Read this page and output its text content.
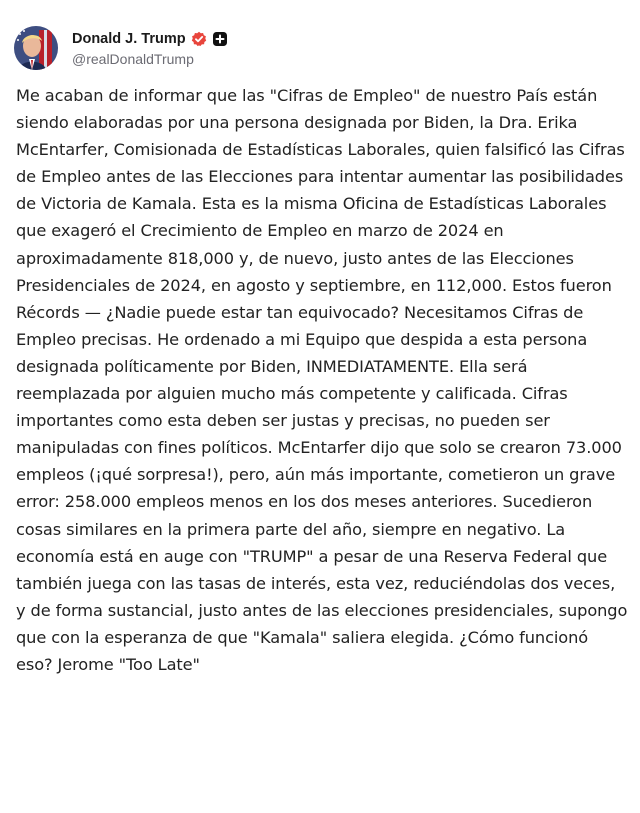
Donald J. Trump
@realDonaldTrump

Me acaban de informar que las "Cifras de Empleo" de nuestro País están siendo elaboradas por una persona designada por Biden, la Dra. Erika McEntarfer, Comisionada de Estadísticas Laborales, quien falsificó las Cifras de Empleo antes de las Elecciones para intentar aumentar las posibilidades de Victoria de Kamala. Esta es la misma Oficina de Estadísticas Laborales que exageró el Crecimiento de Empleo en marzo de 2024 en aproximadamente 818,000 y, de nuevo, justo antes de las Elecciones Presidenciales de 2024, en agosto y septiembre, en 112,000. Estos fueron Récords — ¿Nadie puede estar tan equivocado? Necesitamos Cifras de Empleo precisas. He ordenado a mi Equipo que despida a esta persona designada políticamente por Biden, INMEDIATAMENTE. Ella será reemplazada por alguien mucho más competente y calificada. Cifras importantes como esta deben ser justas y precisas, no pueden ser manipuladas con fines políticos. McEntarfer dijo que solo se crearon 73.000 empleos (¡qué sorpresa!), pero, aún más importante, cometieron un grave error: 258.000 empleos menos en los dos meses anteriores. Sucedieron cosas similares en la primera parte del año, siempre en negativo. La economía está en auge con "TRUMP" a pesar de una Reserva Federal que también juega con las tasas de interés, esta vez, reduciéndolas dos veces, y de forma sustancial, justo antes de las elecciones presidenciales, supongo que con la esperanza de que "Kamala" saliera elegida. ¿Cómo funcionó eso? Jerome "Too Late"
